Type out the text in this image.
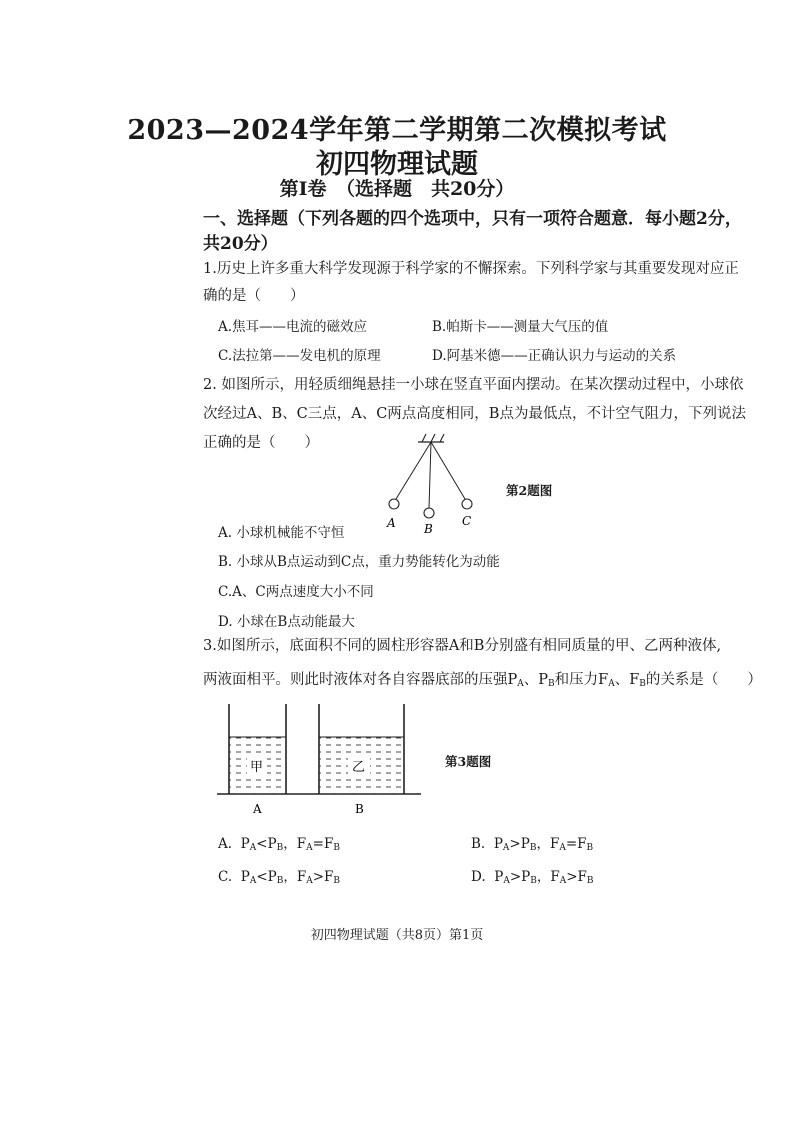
2023—2024学年第二学期第二次模拟考试
初四物理试题
第I卷　（选择题　共20分）
一、选择题（下列各题的四个选项中，只有一项符合题意．每小题2分，
共20分）
1.历史上许多重大科学发现源于科学家的不懈探索。下列科学家与其重要发现对应正
确的是（　　）
A.焦耳——电流的磁效应	B.帕斯卡——测量大气压的值
C.法拉第——发电机的原理	D.阿基米德——正确认识力与运动的关系
2. 如图所示，用轻质细绳悬挂一小球在竖直平面内摆动。在某次摆动过程中，小球依
次经过A、B、C三点，A、C两点高度相同，B点为最低点，不计空气阻力，下列说法
正确的是（　　）
A B
C
第2题图
A. 小球机械能不守恒
B. 小球从B点运动到C点，重力势能转化为动能
C.A、C两点速度大小不同
D. 小球在B点动能最大
3.如图所示，底面积不同的圆柱形容器A和B分别盛有相同质量的甲、乙两种液体,
两液面相平。则此时液体对各自容器底部的压强$P_A$、$P_B$和压力$F_A$、$F_B$的关系是（　　）
甲	乙
A	B
第3题图
A. $P_A<P_B$，$F_A=F_B$	B. $P_A>P_B$，$F_A=F_B$
C. $P_A<P_B$，$F_A>F_B$	D. $P_A>P_B$，$F_A>F_B$
初四物理试题（共8页）第1页
